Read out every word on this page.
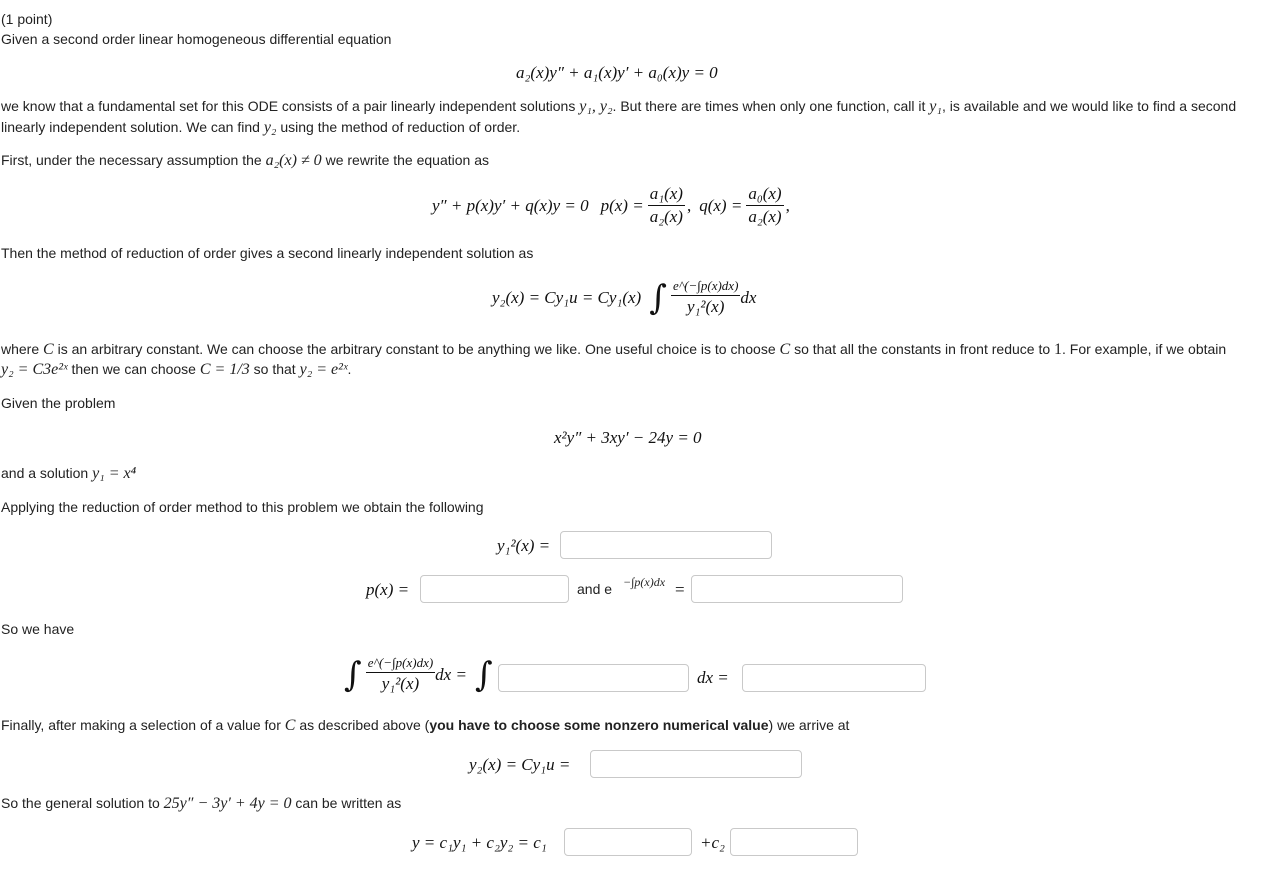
(1 point)
Given a second order linear homogeneous differential equation
a₂(x)y″ + a₁(x)y′ + a₀(x)y = 0
we know that a fundamental set for this ODE consists of a pair linearly independent solutions y₁, y₂. But there are times when only one function, call it y₁, is available and we would like to find a second
linearly independent solution. We can find y₂ using the method of reduction of order.
First, under the necessary assumption the a₂(x) ≠ 0 we rewrite the equation as
y″ + p(x)y′ + q(x)y = 0 $p(x) = \frac{\text{a₁(x)}}{\text{a₂(x)}}$ , $q(x) = \frac{\text{a₀(x)}}{\text{a₂(x)}}$ ,
Then the method of reduction of order gives a second linearly independent solution as
y₂(x) = Cy₁u = Cy₁(x) ∫ $\frac{e\^{}(-\int p(x)dx)}{\text{y₁²(x)}}$ dx
where C is an arbitrary constant. We can choose the arbitrary constant to be anything we like. One useful choice is to choose C so that all the constants in front reduce to 1. For example, if we obtain
y₂ = C3e²ˣ then we can choose C = 1/3 so that y₂ = e²ˣ.
Given the problem
x²y″ + 3xy′ − 24y = 0
and a solution y₁ = x⁴
Applying the reduction of order method to this problem we obtain the following
y₁²(x) =
p(x) =	and e −∫p(x)dx =
So we have
∫ $\frac{e\^{}(-\int p(x)dx)}{\text{y₁²(x)}}$ dx = ∫	dx =
Finally, after making a selection of a value for C as described above (you have to choose some nonzero numerical value) we arrive at
y₂(x) = Cy₁u =
So the general solution to 25y″ − 3y′ + 4y = 0 can be written as
y = c₁y₁ + c₂y₂ = c₁	+c₂
